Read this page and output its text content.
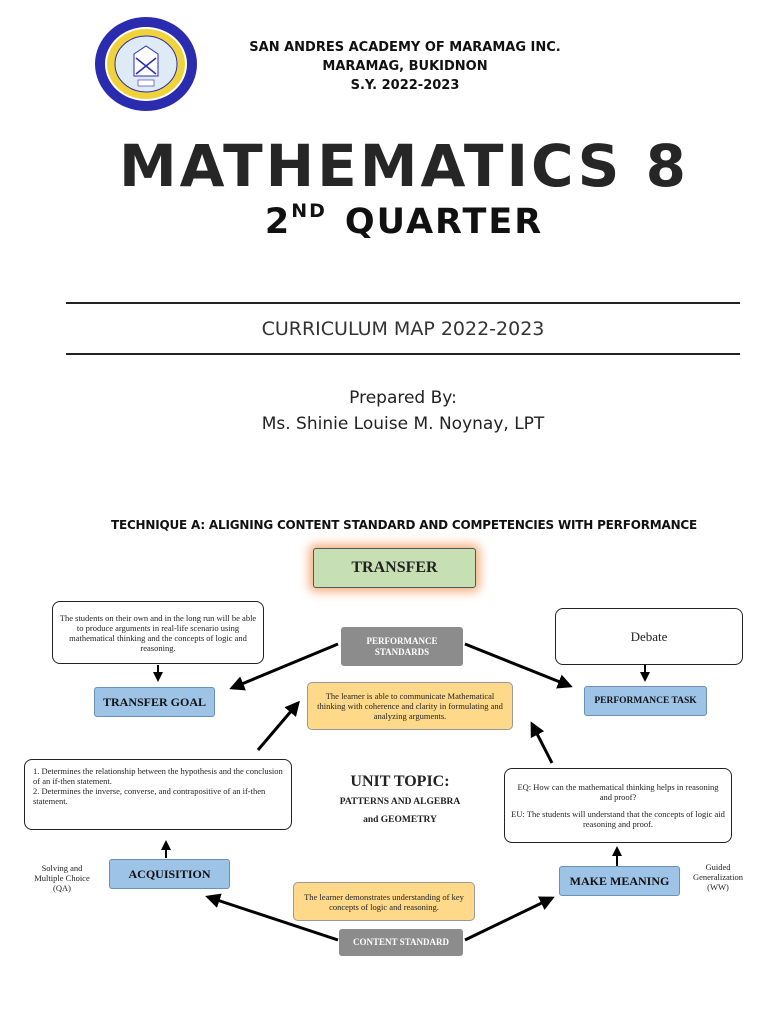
SAN ANDRES ACADEMY OF MARAMAG INC.
MARAMAG, BUKIDNON
S.Y. 2022-2023
MATHEMATICS 8
2ND QUARTER
CURRICULUM MAP 2022-2023
Prepared By:
Ms. Shinie Louise M. Noynay, LPT
TECHNIQUE A: ALIGNING CONTENT STANDARD AND COMPETENCIES WITH PERFORMANCE
TRANSFER
The students on their own and in the long run will be able to produce arguments in real-life scenario using mathematical thinking and the concepts of logic and reasoning.
TRANSFER GOAL
PERFORMANCE STANDARDS
The learner is able to communicate Mathematical thinking with coherence and clarity in formulating and analyzing arguments.
Debate
PERFORMANCE TASK
1. Determines the relationship between the hypothesis and the conclusion of an if-then statement.
2. Determines the inverse, converse, and contrapositive of an if-then statement.
ACQUISITION
Solving and Multiple Choice (QA)
UNIT TOPIC:
PATTERNS AND ALGEBRA
and GEOMETRY
EQ: How can the mathematical thinking helps in reasoning and proof?
EU: The students will understand that the concepts of logic aid reasoning and proof.
MAKE MEANING
Guided Generalization (WW)
The learner demonstrates understanding of key concepts of logic and reasoning.
CONTENT STANDARD
